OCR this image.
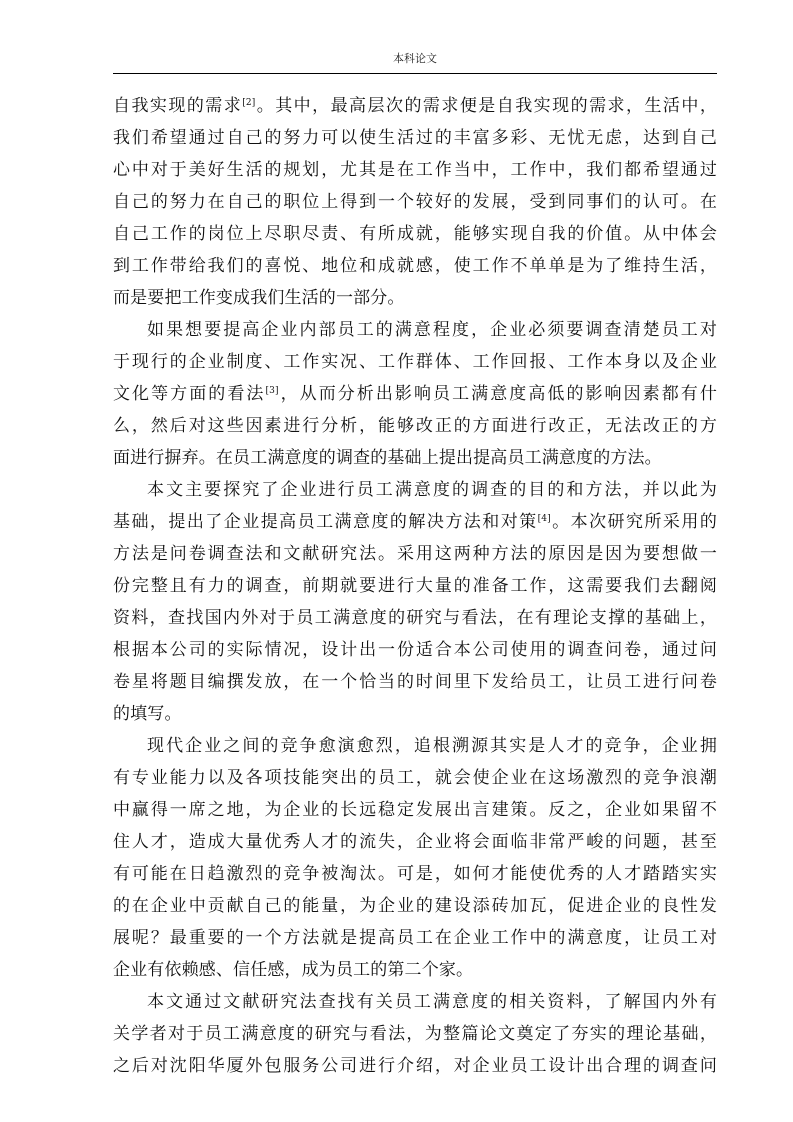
本科论文
自我实现的需求[2]。其中，最高层次的需求便是自我实现的需求，生活中，
我们希望通过自己的努力可以使生活过的丰富多彩、无忧无虑，达到自己
心中对于美好生活的规划，尤其是在工作当中，工作中，我们都希望通过
自己的努力在自己的职位上得到一个较好的发展，受到同事们的认可。在
自己工作的岗位上尽职尽责、有所成就，能够实现自我的价值。从中体会
到工作带给我们的喜悦、地位和成就感，使工作不单单是为了维持生活，
而是要把工作变成我们生活的一部分。
如果想要提高企业内部员工的满意程度，企业必须要调查清楚员工对
于现行的企业制度、工作实况、工作群体、工作回报、工作本身以及企业
文化等方面的看法[3]，从而分析出影响员工满意度高低的影响因素都有什
么，然后对这些因素进行分析，能够改正的方面进行改正，无法改正的方
面进行摒弃。在员工满意度的调查的基础上提出提高员工满意度的方法。
本文主要探究了企业进行员工满意度的调查的目的和方法，并以此为
基础，提出了企业提高员工满意度的解决方法和对策[4]。本次研究所采用的
方法是问卷调查法和文献研究法。采用这两种方法的原因是因为要想做一
份完整且有力的调查，前期就要进行大量的准备工作，这需要我们去翻阅
资料，查找国内外对于员工满意度的研究与看法，在有理论支撑的基础上，
根据本公司的实际情况，设计出一份适合本公司使用的调查问卷，通过问
卷星将题目编撰发放，在一个恰当的时间里下发给员工，让员工进行问卷
的填写。
现代企业之间的竞争愈演愈烈，追根溯源其实是人才的竞争，企业拥
有专业能力以及各项技能突出的员工，就会使企业在这场激烈的竞争浪潮
中赢得一席之地，为企业的长远稳定发展出言建策。反之，企业如果留不
住人才，造成大量优秀人才的流失，企业将会面临非常严峻的问题，甚至
有可能在日趋激烈的竞争被淘汰。可是，如何才能使优秀的人才踏踏实实
的在企业中贡献自己的能量，为企业的建设添砖加瓦，促进企业的良性发
展呢？最重要的一个方法就是提高员工在企业工作中的满意度，让员工对
企业有依赖感、信任感，成为员工的第二个家。
本文通过文献研究法查找有关员工满意度的相关资料，了解国内外有
关学者对于员工满意度的研究与看法，为整篇论文奠定了夯实的理论基础，
之后对沈阳华厦外包服务公司进行介绍，对企业员工设计出合理的调查问
